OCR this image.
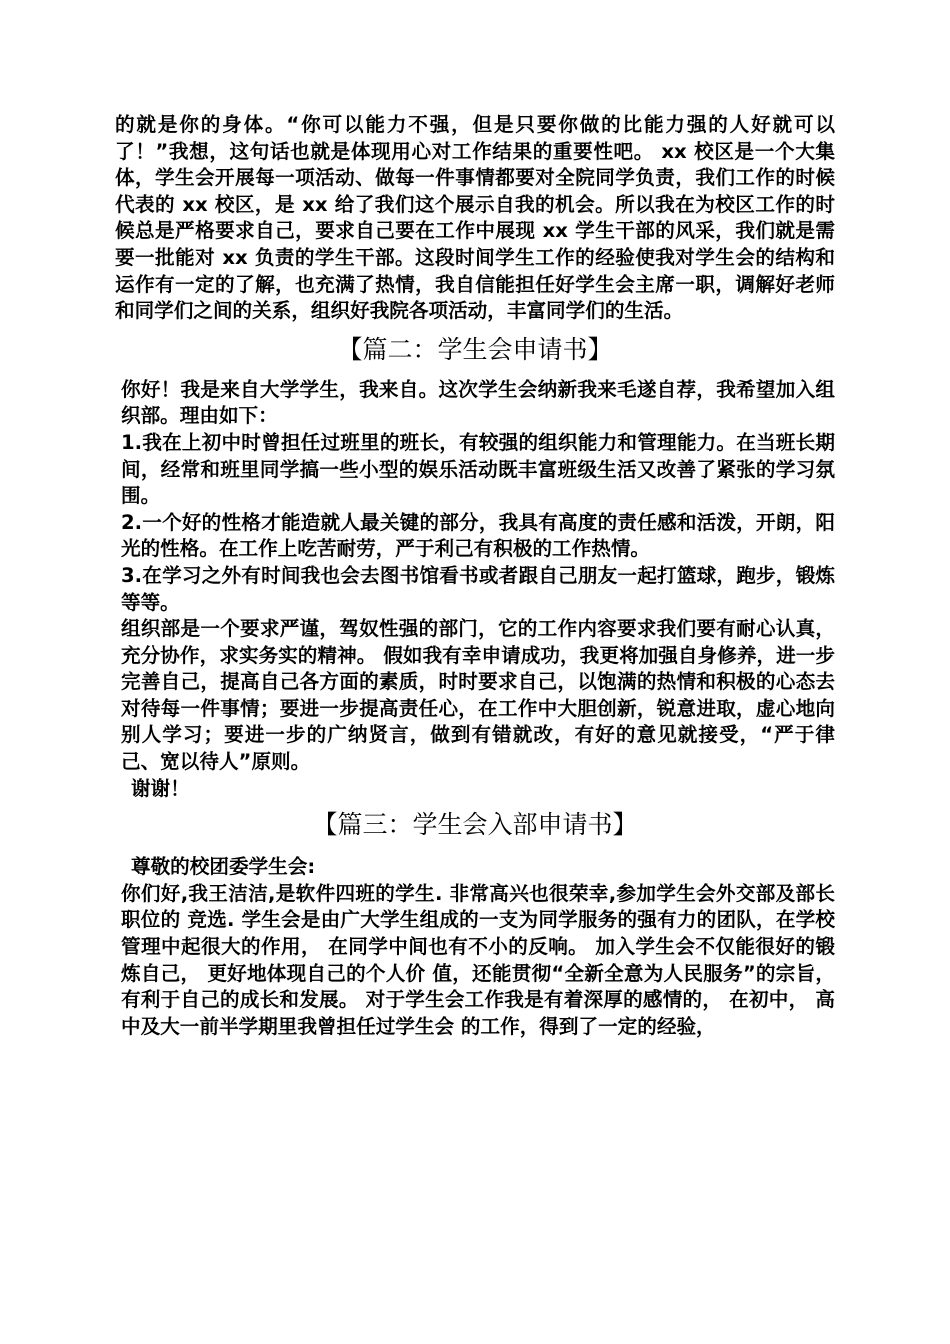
的就是你的身体。“你可以能力不强，但是只要你做的比能力强的人好就可以了！”我想，这句话也就是体现用心对工作结果的重要性吧。 xx 校区是一个大集体，学生会开展每一项活动、做每一件事情都要对全院同学负责，我们工作的时候代表的 xx 校区，是 xx 给了我们这个展示自我的机会。所以我在为校区工作的时候总是严格要求自己，要求自己要在工作中展现 xx 学生干部的风采，我们就是需要一批能对 xx 负责的学生干部。这段时间学生工作的经验使我对学生会的结构和运作有一定的了解，也充满了热情，我自信能担任好学生会主席一职，调解好老师和同学们之间的关系，组织好我院各项活动，丰富同学们的生活。

【篇二：学生会申请书】

你好！我是来自大学学生，我来自。这次学生会纳新我来毛遂自荐，我希望加入组织部。理由如下：

1.我在上初中时曾担任过班里的班长，有较强的组织能力和管理能力。在当班长期间，经常和班里同学搞一些小型的娱乐活动既丰富班级生活又改善了紧张的学习氛围。

2.一个好的性格才能造就人最关键的部分，我具有高度的责任感和活泼，开朗，阳光的性格。在工作上吃苦耐劳，严于利己有积极的工作热情。

3.在学习之外有时间我也会去图书馆看书或者跟自己朋友一起打篮球，跑步，锻炼等等。

组织部是一个要求严谨，驾奴性强的部门，它的工作内容要求我们要有耐心认真，充分协作，求实务实的精神。 假如我有幸申请成功，我更将加强自身修养，进一步完善自己，提高自己各方面的素质，时时要求自己，以饱满的热情和积极的心态去对待每一件事情；要进一步提高责任心，在工作中大胆创新，锐意进取，虚心地向别人学习；要进一步的广纳贤言，做到有错就改，有好的意见就接受，“严于律己、宽以待人”原则。

谢谢！

【篇三：学生会入部申请书】

尊敬的校团委学生会:

你们好,我王洁洁,是软件四班的学生. 非常高兴也很荣幸,参加学生会外交部及部长职位的 竞选. 学生会是由广大学生组成的一支为同学服务的强有力的团队，在学校管理中起很大的作用， 在同学中间也有不小的反响。 加入学生会不仅能很好的锻炼自己， 更好地体现自己的个人价 值，还能贯彻“全新全意为人民服务”的宗旨，有利于自己的成长和发展。 对于学生会工作我是有着深厚的感情的， 在初中， 高中及大一前半学期里我曾担任过学生会 的工作，得到了一定的经验，
